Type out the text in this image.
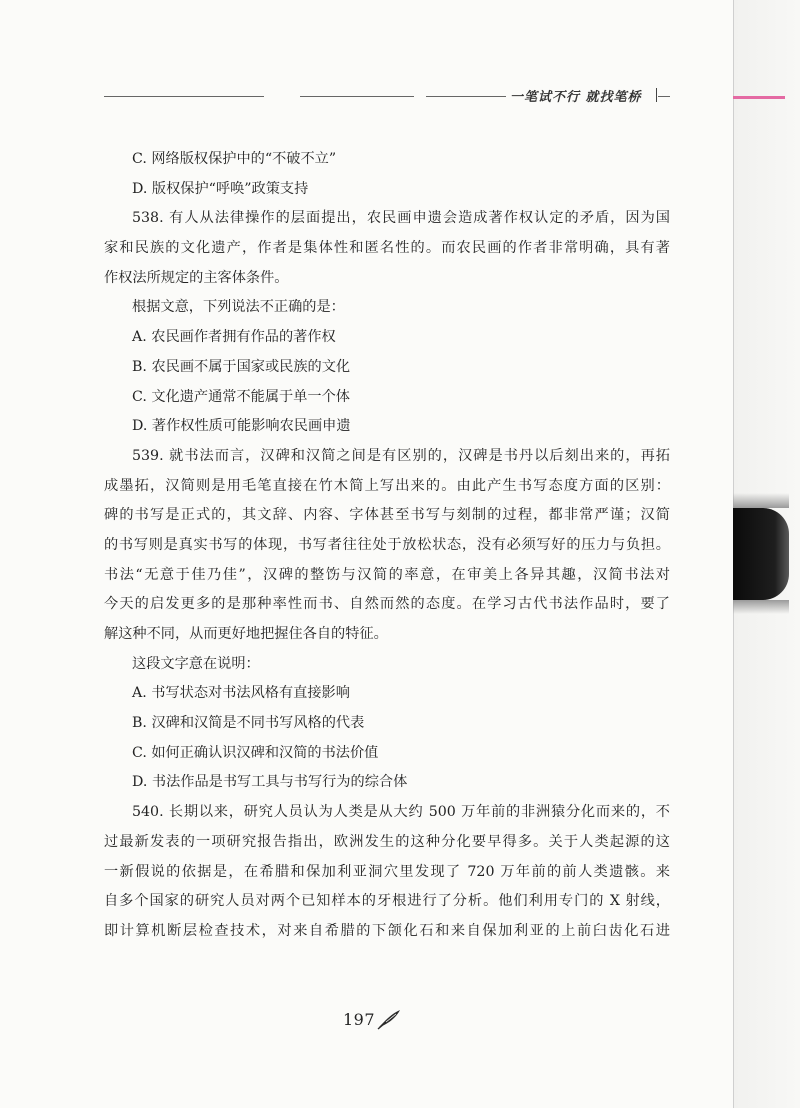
一笔试不行 就找笔桥
C. 网络版权保护中的“不破不立”
D. 版权保护“呼唤”政策支持
538. 有人从法律操作的层面提出，农民画申遗会造成著作权认定的矛盾，因为国
家和民族的文化遗产，作者是集体性和匿名性的。而农民画的作者非常明确，具有著
作权法所规定的主客体条件。
根据文意，下列说法不正确的是：
A. 农民画作者拥有作品的著作权
B. 农民画不属于国家或民族的文化
C. 文化遗产通常不能属于单一个体
D. 著作权性质可能影响农民画申遗
539. 就书法而言，汉碑和汉简之间是有区别的，汉碑是书丹以后刻出来的，再拓
成墨拓，汉简则是用毛笔直接在竹木简上写出来的。由此产生书写态度方面的区别：
碑的书写是正式的，其文辞、内容、字体甚至书写与刻制的过程，都非常严谨；汉简
的书写则是真实书写的体现，书写者往往处于放松状态，没有必须写好的压力与负担。
书法“无意于佳乃佳”，汉碑的整饬与汉简的率意，在审美上各异其趣，汉简书法对
今天的启发更多的是那种率性而书、自然而然的态度。在学习古代书法作品时，要了
解这种不同，从而更好地把握住各自的特征。
这段文字意在说明：
A. 书写状态对书法风格有直接影响
B. 汉碑和汉简是不同书写风格的代表
C. 如何正确认识汉碑和汉简的书法价值
D. 书法作品是书写工具与书写行为的综合体
540. 长期以来，研究人员认为人类是从大约 500 万年前的非洲猿分化而来的，不
过最新发表的一项研究报告指出，欧洲发生的这种分化要早得多。关于人类起源的这
一新假说的依据是，在希腊和保加利亚洞穴里发现了 720 万年前的前人类遗骸。来
自多个国家的研究人员对两个已知样本的牙根进行了分析。他们利用专门的 X 射线，
即计算机断层检查技术，对来自希腊的下颌化石和来自保加利亚的上前臼齿化石进
197
